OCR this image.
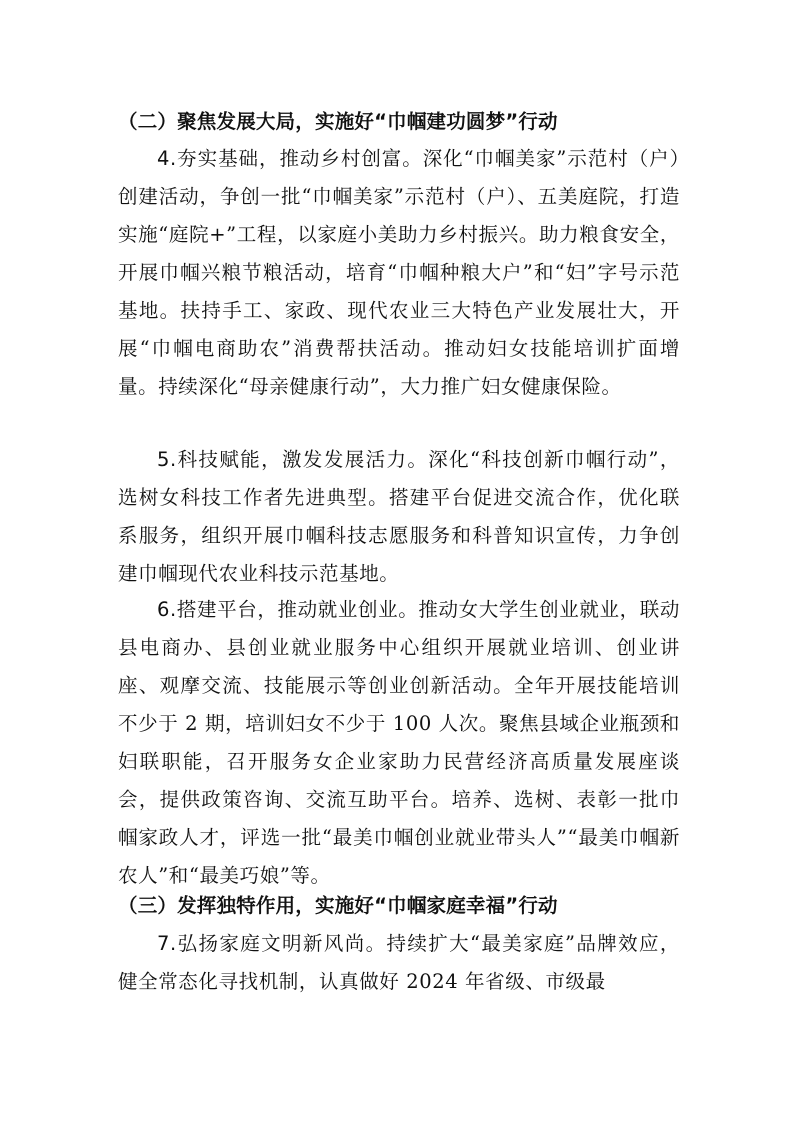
（二）聚焦发展大局，实施好“巾帼建功圆梦”行动

4.夯实基础，推动乡村创富。深化“巾帼美家”示范村（户）创建活动，争创一批“巾帼美家”示范村（户）、五美庭院，打造实施“庭院+”工程，以家庭小美助力乡村振兴。助力粮食安全，开展巾帼兴粮节粮活动，培育“巾帼种粮大户”和“妇”字号示范基地。扶持手工、家政、现代农业三大特色产业发展壮大，开展“巾帼电商助农”消费帮扶活动。推动妇女技能培训扩面增量。持续深化“母亲健康行动”，大力推广妇女健康保险。

5.科技赋能，激发发展活力。深化“科技创新巾帼行动”，选树女科技工作者先进典型。搭建平台促进交流合作，优化联系服务，组织开展巾帼科技志愿服务和科普知识宣传，力争创建巾帼现代农业科技示范基地。

6.搭建平台，推动就业创业。推动女大学生创业就业，联动县电商办、县创业就业服务中心组织开展就业培训、创业讲座、观摩交流、技能展示等创业创新活动。全年开展技能培训不少于 2 期，培训妇女不少于 100 人次。聚焦县域企业瓶颈和妇联职能，召开服务女企业家助力民营经济高质量发展座谈会，提供政策咨询、交流互助平台。培养、选树、表彰一批巾帼家政人才，评选一批“最美巾帼创业就业带头人”“最美巾帼新农人”和“最美巧娘”等。

（三）发挥独特作用，实施好“巾帼家庭幸福”行动

7.弘扬家庭文明新风尚。持续扩大“最美家庭”品牌效应，健全常态化寻找机制，认真做好 2024 年省级、市级最
